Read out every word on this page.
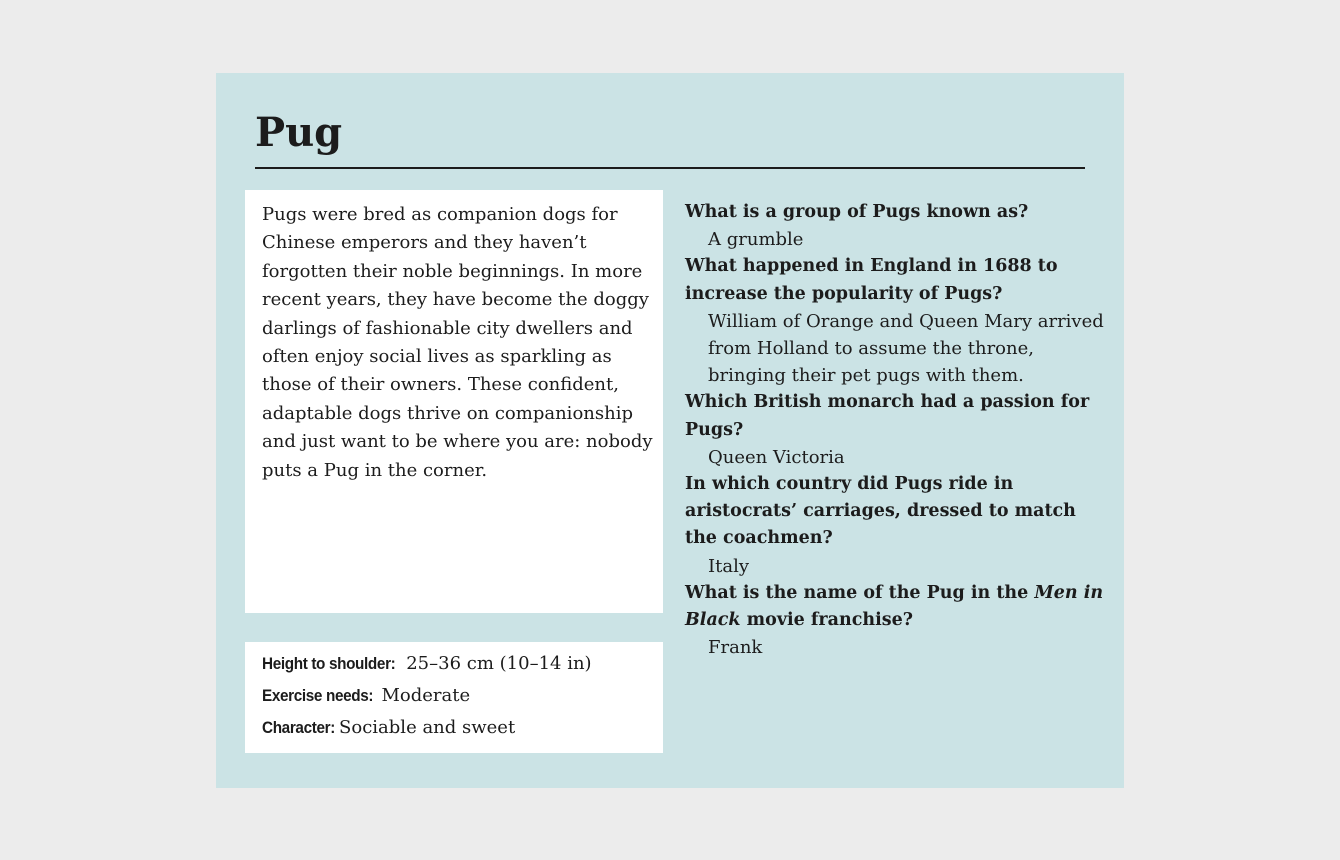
Pug

Pugs were bred as companion dogs for Chinese emperors and they haven’t forgotten their noble beginnings. In more recent years, they have become the doggy darlings of fashionable city dwellers and often enjoy social lives as sparkling as those of their owners. These confident, adaptable dogs thrive on companionship and just want to be where you are: nobody puts a Pug in the corner.

Height to shoulder: 25–36 cm (10–14 in)
Exercise needs: Moderate
Character: Sociable and sweet

What is a group of Pugs known as?

A grumble

What happened in England in 1688 to increase the popularity of Pugs?

William of Orange and Queen Mary arrived from Holland to assume the throne, bringing their pet pugs with them.

Which British monarch had a passion for Pugs?

Queen Victoria

In which country did Pugs ride in aristocrats’ carriages, dressed to match the coachmen?

Italy

What is the name of the Pug in the Men in Black movie franchise?

Frank
